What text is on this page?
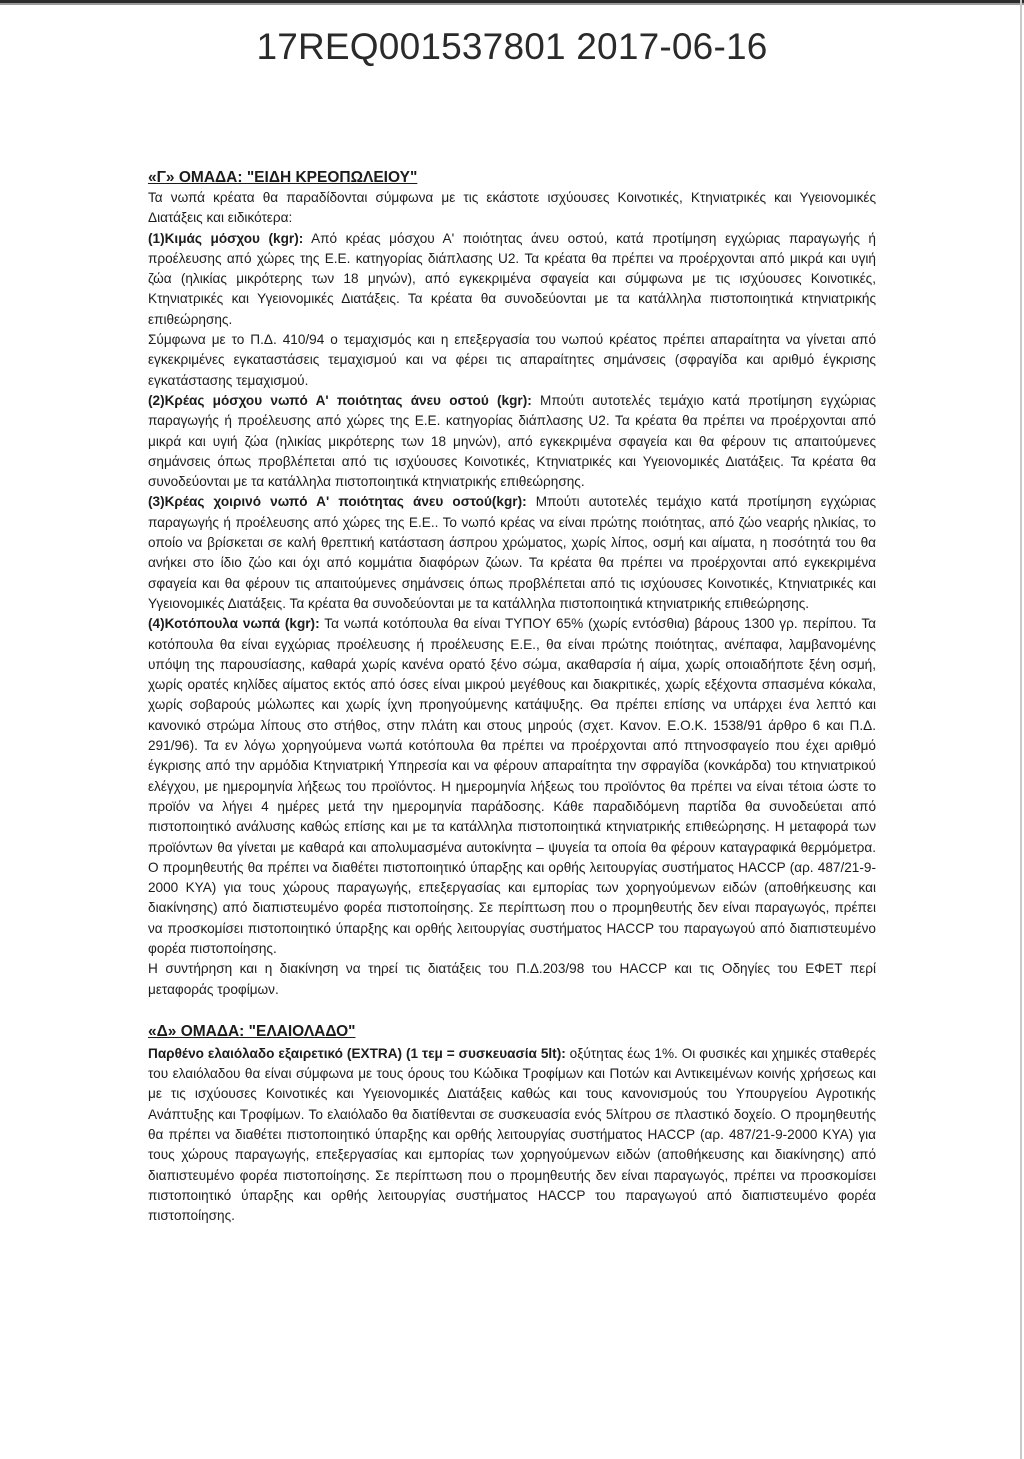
17REQ001537801 2017-06-16

«Γ» ΟΜΑΔΑ: "ΕΙΔΗ ΚΡΕΟΠΩΛΕΙΟΥ"

Τα νωπά κρέατα θα παραδίδονται σύμφωνα με τις εκάστοτε ισχύουσες Κοινοτικές, Κτηνιατρικές και Υγειονομικές Διατάξεις και ειδικότερα:

(1)Κιμάς μόσχου (kgr): Από κρέας μόσχου Α' ποιότητας άνευ οστού, κατά προτίμηση εγχώριας παραγωγής ή προέλευσης από χώρες της Ε.Ε. κατηγορίας διάπλασης U2. Τα κρέατα θα πρέπει να προέρχονται από μικρά και υγιή ζώα (ηλικίας μικρότερης των 18 μηνών), από εγκεκριμένα σφαγεία και σύμφωνα με τις ισχύουσες Κοινοτικές, Κτηνιατρικές και Υγειονομικές Διατάξεις. Τα κρέατα θα συνοδεύονται με τα κατάλληλα πιστοποιητικά κτηνιατρικής επιθεώρησης.

Σύμφωνα με το Π.Δ. 410/94 ο τεμαχισμός και η επεξεργασία του νωπού κρέατος πρέπει απαραίτητα να γίνεται από εγκεκριμένες εγκαταστάσεις τεμαχισμού και να φέρει τις απαραίτητες σημάνσεις (σφραγίδα και αριθμό έγκρισης εγκατάστασης τεμαχισμού.

(2)Κρέας μόσχου νωπό Α' ποιότητας άνευ οστού (kgr): Μπούτι αυτοτελές τεμάχιο κατά προτίμηση εγχώριας παραγωγής ή προέλευσης από χώρες της Ε.Ε. κατηγορίας διάπλασης U2. Τα κρέατα θα πρέπει να προέρχονται από μικρά και υγιή ζώα (ηλικίας μικρότερης των 18 μηνών), από εγκεκριμένα σφαγεία και θα φέρουν τις απαιτούμενες σημάνσεις όπως προβλέπεται από τις ισχύουσες Κοινοτικές, Κτηνιατρικές και Υγειονομικές Διατάξεις. Τα κρέατα θα συνοδεύονται με τα κατάλληλα πιστοποιητικά κτηνιατρικής επιθεώρησης.

(3)Κρέας χοιρινό νωπό Α' ποιότητας άνευ οστού(kgr): Μπούτι αυτοτελές τεμάχιο κατά προτίμηση εγχώριας παραγωγής ή προέλευσης από χώρες της Ε.Ε.. Το νωπό κρέας να είναι πρώτης ποιότητας, από ζώο νεαρής ηλικίας, το οποίο να βρίσκεται σε καλή θρεπτική κατάσταση άσπρου χρώματος, χωρίς λίπος, οσμή και αίματα, η ποσότητά του θα ανήκει στο ίδιο ζώο και όχι από κομμάτια διαφόρων ζώων. Τα κρέατα θα πρέπει να προέρχονται από εγκεκριμένα σφαγεία και θα φέρουν τις απαιτούμενες σημάνσεις όπως προβλέπεται από τις ισχύουσες Κοινοτικές, Κτηνιατρικές και Υγειονομικές Διατάξεις. Τα κρέατα θα συνοδεύονται με τα κατάλληλα πιστοποιητικά κτηνιατρικής επιθεώρησης.

(4)Κοτόπουλα νωπά (kgr): Τα νωπά κοτόπουλα θα είναι ΤΥΠΟΥ 65% (χωρίς εντόσθια) βάρους 1300 γρ. περίπου. Τα κοτόπουλα θα είναι εγχώριας προέλευσης ή προέλευσης Ε.Ε., θα είναι πρώτης ποιότητας, ανέπαφα, λαμβανομένης υπόψη της παρουσίασης, καθαρά χωρίς κανένα ορατό ξένο σώμα, ακαθαρσία ή αίμα, χωρίς οποιαδήποτε ξένη οσμή, χωρίς ορατές κηλίδες αίματος εκτός από όσες είναι μικρού μεγέθους και διακριτικές, χωρίς εξέχοντα σπασμένα κόκαλα, χωρίς σοβαρούς μώλωπες και χωρίς ίχνη προηγούμενης κατάψυξης. Θα πρέπει επίσης να υπάρχει ένα λεπτό και κανονικό στρώμα λίπους στο στήθος, στην πλάτη και στους μηρούς (σχετ. Κανον. Ε.Ο.Κ. 1538/91 άρθρο 6 και Π.Δ. 291/96). Τα εν λόγω χορηγούμενα νωπά κοτόπουλα θα πρέπει να προέρχονται από πτηνοσφαγείο που έχει αριθμό έγκρισης από την αρμόδια Κτηνιατρική Υπηρεσία και να φέρουν απαραίτητα την σφραγίδα (κονκάρδα) του κτηνιατρικού ελέγχου, με ημερομηνία λήξεως του προϊόντος. Η ημερομηνία λήξεως του προϊόντος θα πρέπει να είναι τέτοια ώστε το προϊόν να λήγει 4 ημέρες μετά την ημερομηνία παράδοσης. Κάθε παραδιδόμενη παρτίδα θα συνοδεύεται από πιστοποιητικό ανάλυσης καθώς επίσης και με τα κατάλληλα πιστοποιητικά κτηνιατρικής επιθεώρησης. Η μεταφορά των προϊόντων θα γίνεται με καθαρά και απολυμασμένα αυτοκίνητα – ψυγεία τα οποία θα φέρουν καταγραφικά θερμόμετρα. Ο προμηθευτής θα πρέπει να διαθέτει πιστοποιητικό ύπαρξης και ορθής λειτουργίας συστήματος HACCP (αρ. 487/21-9-2000 ΚΥΑ) για τους χώρους παραγωγής, επεξεργασίας και εμπορίας των χορηγούμενων ειδών (αποθήκευσης και διακίνησης) από διαπιστευμένο φορέα πιστοποίησης. Σε περίπτωση που ο προμηθευτής δεν είναι παραγωγός, πρέπει να προσκομίσει πιστοποιητικό ύπαρξης και ορθής λειτουργίας συστήματος HACCP του παραγωγού από διαπιστευμένο φορέα πιστοποίησης.

Η συντήρηση και η διακίνηση να τηρεί τις διατάξεις του Π.Δ.203/98 του HACCP και τις Οδηγίες του ΕΦΕΤ περί μεταφοράς τροφίμων.

«Δ» ΟΜΑΔΑ: "ΕΛΑΙΟΛΑΔΟ"

Παρθένο ελαιόλαδο εξαιρετικό (EXTRA) (1 τεμ = συσκευασία 5lt): οξύτητας έως 1%. Οι φυσικές και χημικές σταθερές του ελαιόλαδου θα είναι σύμφωνα με τους όρους του Κώδικα Τροφίμων και Ποτών και Αντικειμένων κοινής χρήσεως και με τις ισχύουσες Κοινοτικές και Υγειονομικές Διατάξεις καθώς και τους κανονισμούς του Υπουργείου Αγροτικής Ανάπτυξης και Τροφίμων. Το ελαιόλαδο θα διατίθενται σε συσκευασία ενός 5λίτρου σε πλαστικό δοχείο. Ο προμηθευτής θα πρέπει να διαθέτει πιστοποιητικό ύπαρξης και ορθής λειτουργίας συστήματος HACCP (αρ. 487/21-9-2000 ΚΥΑ) για τους χώρους παραγωγής, επεξεργασίας και εμπορίας των χορηγούμενων ειδών (αποθήκευσης και διακίνησης) από διαπιστευμένο φορέα πιστοποίησης. Σε περίπτωση που ο προμηθευτής δεν είναι παραγωγός, πρέπει να προσκομίσει πιστοποιητικό ύπαρξης και ορθής λειτουργίας συστήματος HACCP του παραγωγού από διαπιστευμένο φορέα πιστοποίησης.
